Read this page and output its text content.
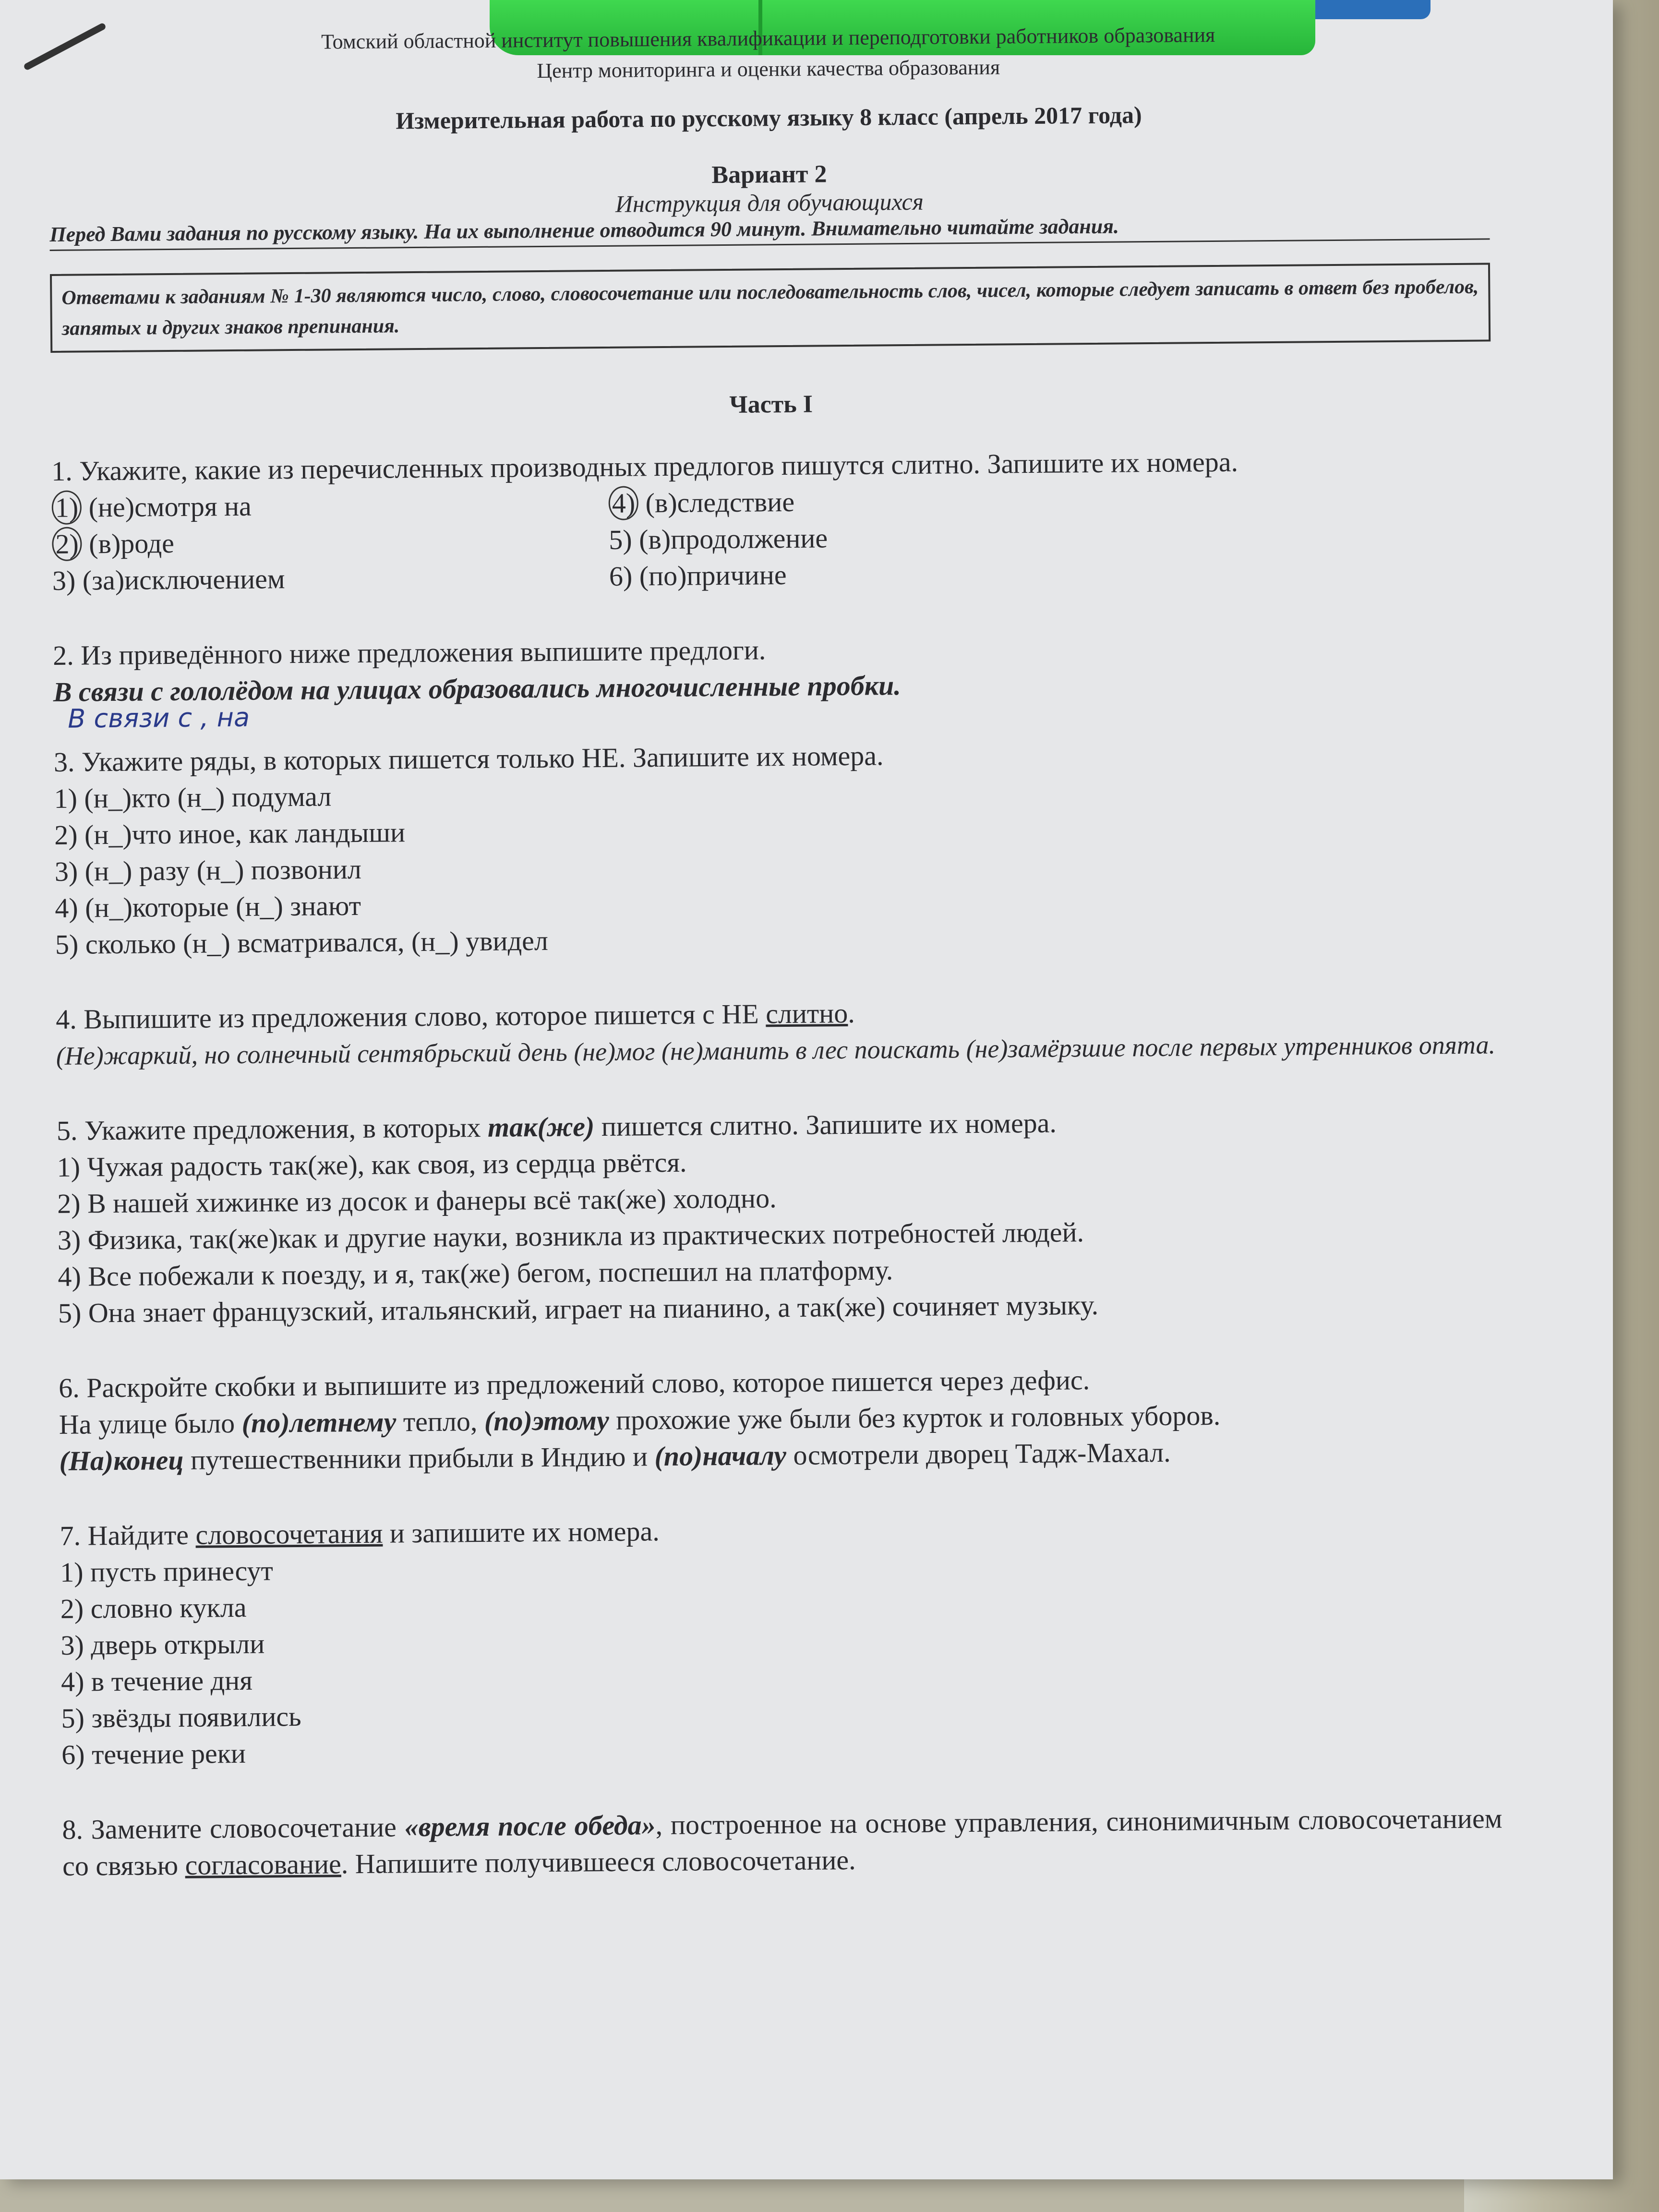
Томский областной институт повышения квалификации и переподготовки работников образования
Центр мониторинга и оценки качества образования
Измерительная работа по русскому языку 8 класс (апрель 2017 года)
Вариант 2
Инструкция для обучающихся
Перед Вами задания по русскому языку. На их выполнение отводится 90 минут. Внимательно читайте задания.
Ответами к заданиям № 1-30 являются число, слово, словосочетание или последовательность слов, чисел, которые следует записать в ответ без пробелов, запятых и других знаков препинания.
Часть I

1. Укажите, какие из перечисленных производных предлогов пишутся слитно. Запишите их номера.

1) (не)смотря на	4) (в)следствие
2) (в)роде	5) (в)продолжение
3) (за)исключением	6) (по)причине

2. Из приведённого ниже предложения выпишите предлоги.

В связи с гололёдом на улицах образовались многочисленные пробки.

В связи с , на

3. Укажите ряды, в которых пишется только НЕ. Запишите их номера.

1) (н_)кто (н_) подумал

2) (н_)что иное, как ландыши

3) (н_) разу (н_) позвонил

4) (н_)которые (н_) знают

5) сколько (н_) всматривался, (н_) увидел

4. Выпишите из предложения слово, которое пишется с НЕ слитно.

(Не)жаркий, но солнечный сентябрьский день (не)мог (не)манить в лес поискать (не)замёрзшие после первых утренников опята.

5. Укажите предложения, в которых так(же) пишется слитно. Запишите их номера.

1) Чужая радость так(же), как своя, из сердца рвётся.

2) В нашей хижинке из досок и фанеры всё так(же) холодно.

3) Физика, так(же)как и другие науки, возникла из практических потребностей людей.

4) Все побежали к поезду, и я, так(же) бегом, поспешил на платформу.

5) Она знает французский, итальянский, играет на пианино, а так(же) сочиняет музыку.

6. Раскройте скобки и выпишите из предложений слово, которое пишется через дефис.

На улице было (по)летнему тепло, (по)этому прохожие уже были без курток и головных уборов.

(На)конец путешественники прибыли в Индию и (по)началу осмотрели дворец Тадж-Махал.

7. Найдите словосочетания и запишите их номера.

1) пусть принесут

2) словно кукла

3) дверь открыли

4) в течение дня

5) звёзды появились

6) течение реки

8. Замените словосочетание «время после обеда», построенное на основе управления, синонимичным словосочетанием со связью согласование. Напишите получившееся словосочетание.
